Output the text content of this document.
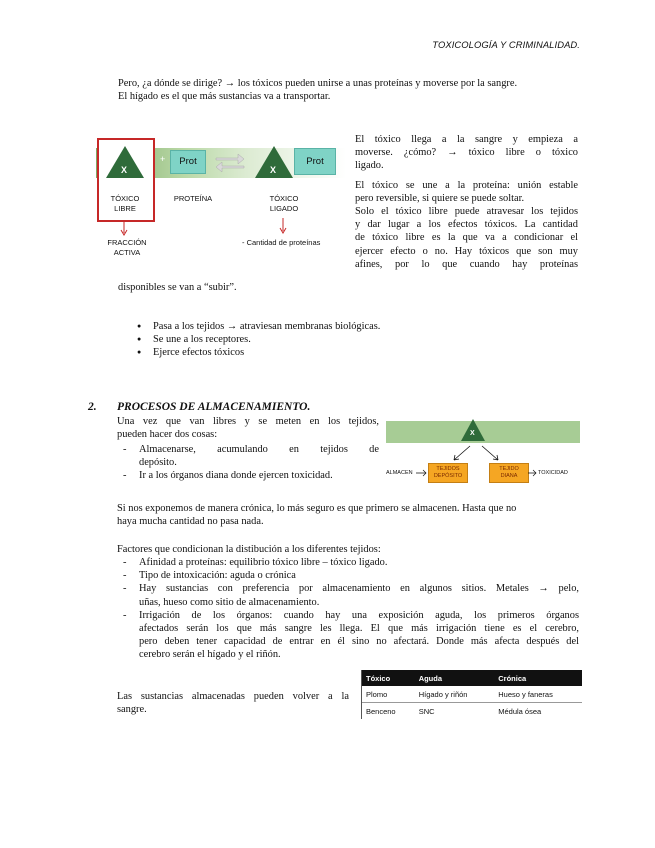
TOXICOLOGÍA Y CRIMINALIDAD.
Pero, ¿a dónde se dirige? → los tóxicos pueden unirse a unas proteínas y moverse por la sangre.
El hígado es el que más sustancias va a transportar.
X
+	Prot	⇌	X
Prot
TÓXICO
LIBRE
PROTEÍNA	TÓXICO
LIGADO
FRACCIÓN
ACTIVA
- Cantidad de proteínas
El tóxico llega a la sangre y empieza a
moverse. ¿cómo? → tóxico libre o tóxico
ligado.
El tóxico se une a la proteína: unión estable
pero reversible, si quiere se puede soltar.
Solo el tóxico libre puede atravesar los tejidos
y dar lugar a los efectos tóxicos. La cantidad
de tóxico libre es la que va a condicionar el
ejercer efecto o no. Hay tóxicos que son muy
afines, por lo que cuando hay proteínas
disponibles se van a “subir”.
● Pasa a los tejidos → atraviesan membranas biológicas.
● Se une a los receptores.
● Ejerce efectos tóxicos
2. PROCESOS DE ALMACENAMIENTO.
Una vez que van libres y se meten en los tejidos,
pueden hacer dos cosas:
- Almacenarse, acumulando en tejidos de
depósito.
- Ir a los órganos diana donde ejercen toxicidad.
X
ALMACEN
TEJIDOS
DEPÓSITO
TEJIDO
DIANA	TOXICIDAD
Si nos exponemos de manera crónica, lo más seguro es que primero se almacenen. Hasta que no
haya mucha cantidad no pasa nada.
Factores que condicionan la distibución a los diferentes tejidos:
- Afinidad a proteínas: equilibrio tóxico libre – tóxico ligado.
- Tipo de intoxicación: aguda o crónica
- Hay sustancias con preferencia por almacenamiento en algunos sitios. Metales → pelo,
uñas, hueso como sitio de almacenamiento.
- Irrigación de los órganos: cuando hay una exposición aguda, los primeros órganos
afectados serán los que más sangre les llega. El que más irrigación tiene es el cerebro,
pero deben tener capacidad de entrar en él sino no afectará. Donde más afecta después del
cerebro serán el hígado y el riñón.
Las sustancias almacenadas pueden volver a la
sangre.
Tóxico	Aguda	Crónica
Plomo	Hígado y riñón	Hueso y faneras
Benceno	SNC	Médula ósea
